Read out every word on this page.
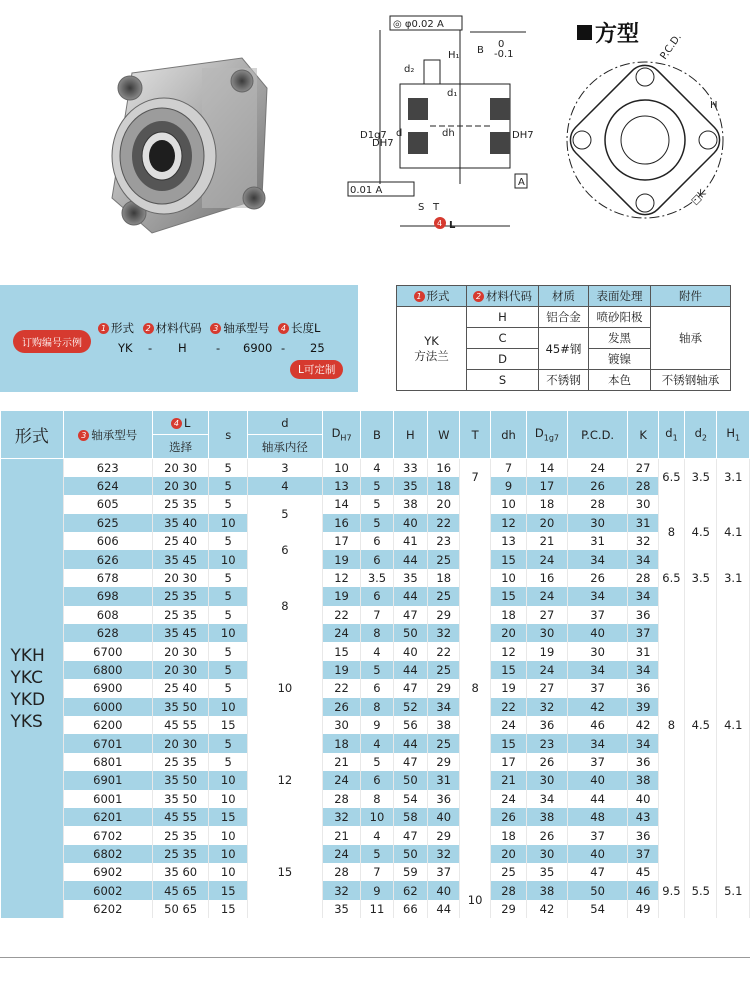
◎ φ0.02 A
A
0.01 A
B
0
-0.1
H₁
d₂
d₁
D1g7
DH7
d	dh	DH7
S T
4 L
方型 P.C.D.
H
□K
订购编号示例
1 形式 2 材料代码 3 轴承型号 4 长度L
YK - H	- 6900 - 25
L可定制
1 形式	2 材料代码	材质	表面处理	附件
YK
方法兰	H	铝合金	喷砂阳极	轴承
	C	45#钢	发黑	
	D		镀镍	
	S	不锈钢	本色	不锈钢轴承
形式	3 轴承型号	4 L	s	d	$D_{H7}$	B	H	W	T	dh	$D_{1g7}$	P.C.D.	K	$d_1$	$d_2$	$H_1$
		选择		轴承内径												

YKH
YKC
YKD
YKS	623	20 30	5	3	10	4	33	16	7	7	14	24	27	6.5	3.5	3.1
	624	20 30	5	4	13	5	35	18		9	17	26	28			
	605	25 35	5	5	14	5	38	20	8	10	18	28	30	8	4.5	4.1
	625	35 40	10		16	5	40	22		12	20	30	31			
	606	25 40	5	6	17	6	41	23		13	21	31	32			
	626	35 45	10		19	6	44	25		15	24	34	34			
	678	20 30	5	8	12	3.5	35	18		10	16	26	28	6.5	3.5	3.1
	698	25 35	5		19	6	44	25		15	24	34	34	8	4.5	4.1
	608	25 35	5		22	7	47	29		18	27	37	36			
	628	35 45	10		24	8	50	32		20	30	40	37			
	6700	20 30	5	10	15	4	40	22		12	19	30	31			
	6800	20 30	5		19	5	44	25		15	24	34	34			
	6900	25 40	5		22	6	47	29		19	27	37	36			
	6000	35 50	10		26	8	52	34		22	32	42	39			
	6200	45 55	15		30	9	56	38		24	36	46	42			
	6701	20 30	5	12	18	4	44	25		15	23	34	34			
	6801	25 35	5		21	5	47	29		17	26	37	36			
	6901	35 50	10		24	6	50	31		21	30	40	38			
	6001	35 50	10		28	8	54	36		24	34	44	40			
	6201	45 55	15		32	10	58	40		26	38	48	43			
	6702	25 35	10	15	21	4	47	29		18	26	37	36			
	6802	25 35	10		24	5	50	32		20	30	40	37			
	6902	35 60	10		28	7	59	37		25	35	47	45	9.5	5.5	5.1
	6002	45 65	15		32	9	62	40	10	28	38	50	46			
	6202	50 65	15		35	11	66	44		29	42	54	49			
